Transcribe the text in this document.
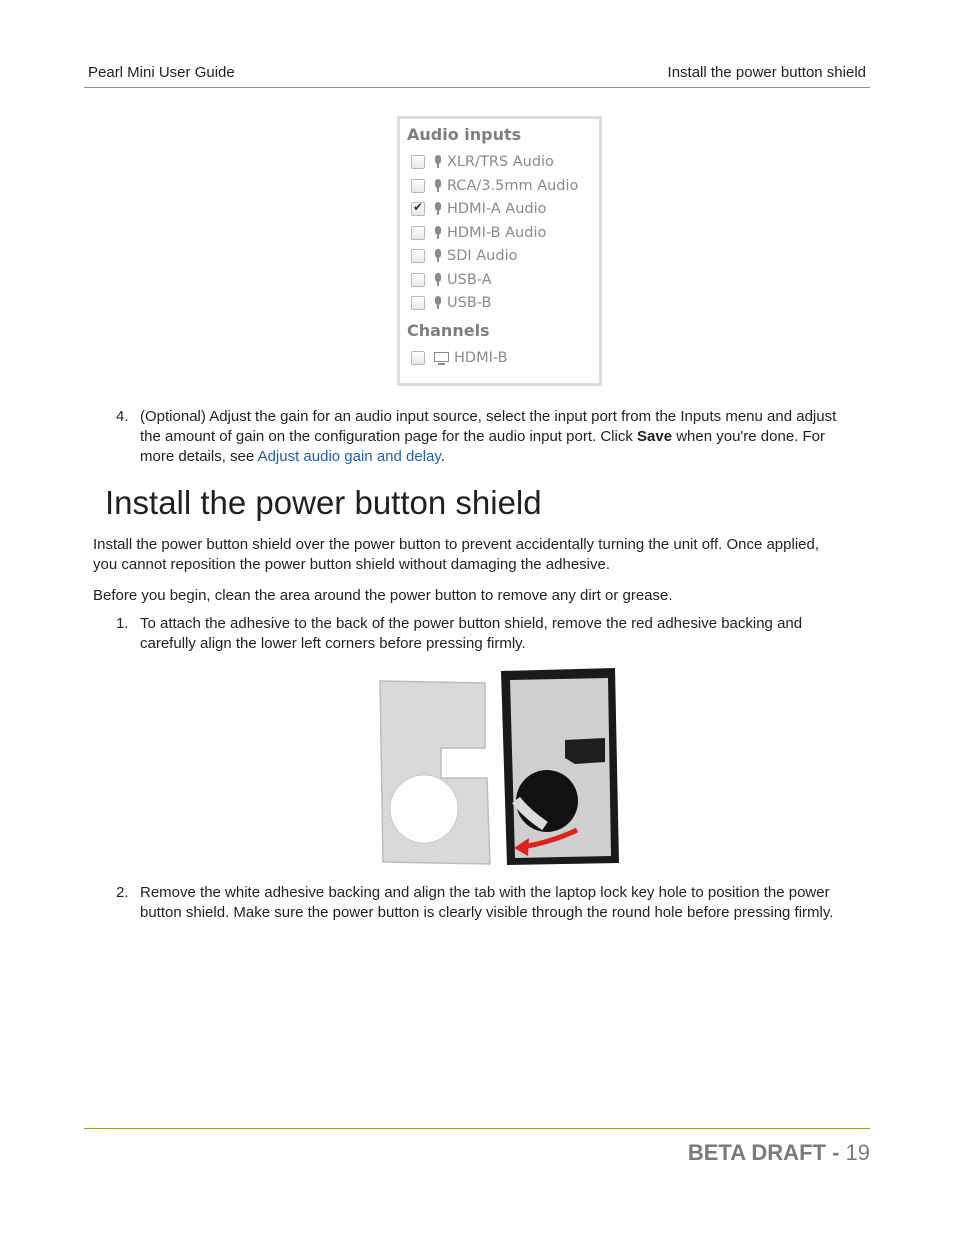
Pearl Mini User Guide	Install the power button shield
Audio inputs
XLR/TRS Audio
RCA/3.5mm Audio
✔
HDMI-A Audio
HDMI-B Audio
SDI Audio
USB-A
USB-B
Channels
HDMI-B
4. (Optional) Adjust the gain for an audio input source, select the input port from the Inputs menu and adjust
the amount of gain on the configuration page for the audio input port. Click Save when you're done. For
more details, see Adjust audio gain and delay.
Install the power button shield
Install the power button shield over the power button to prevent accidentally turning the unit off. Once applied,
you cannot reposition the power button shield without damaging the adhesive.
Before you begin, clean the area around the power button to remove any dirt or grease.
1. To attach the adhesive to the back of the power button shield, remove the red adhesive backing and
carefully align the lower left corners before pressing firmly.
2. Remove the white adhesive backing and align the tab with the laptop lock key hole to position the power
button shield. Make sure the power button is clearly visible through the round hole before pressing firmly.
BETA DRAFT - 19
